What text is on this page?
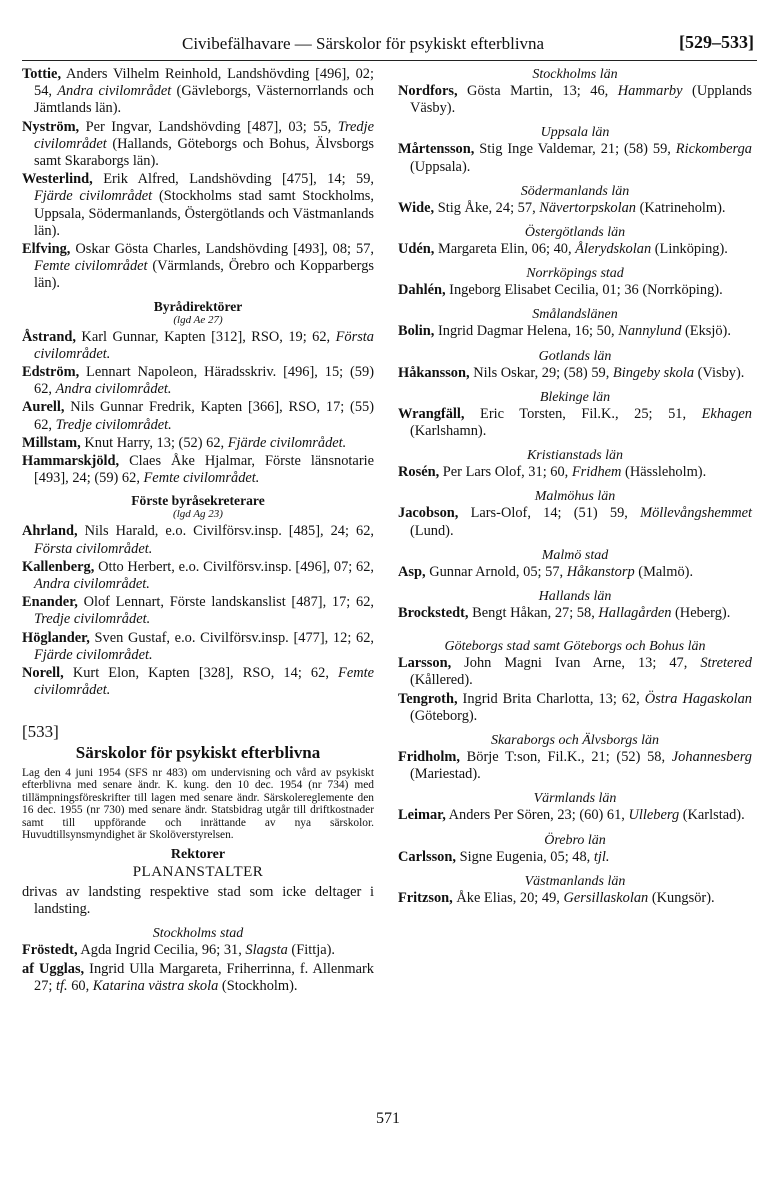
Civibefälhavare — Särskolor för psykiskt efterblivna	[529–533]
Tottie, Anders Vilhelm Reinhold, Landshövding [496], 02; 54, Andra civilområdet (Gävleborgs, Västernorrlands och Jämtlands län).
Nyström, Per Ingvar, Landshövding [487], 03; 55, Tredje civilområdet (Hallands, Göteborgs och Bohus, Älvsborgs samt Skaraborgs län).
Westerlind, Erik Alfred, Landshövding [475], 14; 59, Fjärde civilområdet (Stockholms stad samt Stockholms, Uppsala, Södermanlands, Östergötlands och Västmanlands län).
Elfving, Oskar Gösta Charles, Landshövding [493], 08; 57, Femte civilområdet (Värmlands, Örebro och Kopparbergs län).
Byrådirektörer
(lgd Ae 27)
Åstrand, Karl Gunnar, Kapten [312], RSO, 19; 62, Första civilområdet.
Edström, Lennart Napoleon, Häradsskriv. [496], 15; (59) 62, Andra civilområdet.
Aurell, Nils Gunnar Fredrik, Kapten [366], RSO, 17; (55) 62, Tredje civilområdet.
Millstam, Knut Harry, 13; (52) 62, Fjärde civilområdet.
Hammarskjöld, Claes Åke Hjalmar, Förste länsnotarie [493], 24; (59) 62, Femte civilområdet.
Förste byråsekreterare
(lgd Ag 23)
Ahrland, Nils Harald, e.o. Civilförsv.insp. [485], 24; 62, Första civilområdet.
Kallenberg, Otto Herbert, e.o. Civilförsv.insp. [496], 07; 62, Andra civilområdet.
Enander, Olof Lennart, Förste landskanslist [487], 17; 62, Tredje civilområdet.
Höglander, Sven Gustaf, e.o. Civilförsv.insp. [477], 12; 62, Fjärde civilområdet.
Norell, Kurt Elon, Kapten [328], RSO, 14; 62, Femte civilområdet.
[533]
Särskolor för psykiskt efterblivna
Lag den 4 juni 1954 (SFS nr 483) om undervisning och vård av psykiskt efterblivna med senare ändr. K. kung. den 10 dec. 1954 (nr 734) med tillämpningsföreskrifter till lagen med senare ändr. Särskolereglemente den 16 dec. 1955 (nr 730) med senare ändr. Statsbidrag utgår till driftkostnader samt till uppförande och inrättande av nya särskolor. Huvudtillsynsmyndighet är Skolöverstyrelsen.
Rektorer
PLANANSTALTER
drivas av landsting respektive stad som icke deltager i landsting.
Stockholms stad
Fröstedt, Agda Ingrid Cecilia, 96; 31, Slagsta (Fittja).
af Ugglas, Ingrid Ulla Margareta, Friherrinna, f. Allenmark 27; tf. 60, Katarina västra skola (Stockholm).
Stockholms län
Nordfors, Gösta Martin, 13; 46, Hammarby (Upplands Väsby).
Uppsala län
Mårtensson, Stig Inge Valdemar, 21; (58) 59, Rickomberga (Uppsala).
Södermanlands län
Wide, Stig Åke, 24; 57, Nävertorpskolan (Katrineholm).
Östergötlands län
Udén, Margareta Elin, 06; 40, Ålerydskolan (Linköping).
Norrköpings stad
Dahlén, Ingeborg Elisabet Cecilia, 01; 36 (Norrköping).
Smålandslänen
Bolin, Ingrid Dagmar Helena, 16; 50, Nannylund (Eksjö).
Gotlands län
Håkansson, Nils Oskar, 29; (58) 59, Bingeby skola (Visby).
Blekinge län
Wrangfäll, Eric Torsten, Fil.K., 25; 51, Ekhagen (Karlshamn).
Kristianstads län
Rosén, Per Lars Olof, 31; 60, Fridhem (Hässleholm).
Malmöhus län
Jacobson, Lars-Olof, 14; (51) 59, Möllevångshemmet (Lund).
Malmö stad
Asp, Gunnar Arnold, 05; 57, Håkanstorp (Malmö).
Hallands län
Brockstedt, Bengt Håkan, 27; 58, Hallagården (Heberg).
Göteborgs stad samt Göteborgs och Bohus län
Larsson, John Magni Ivan Arne, 13; 47, Stretered (Kållered).
Tengroth, Ingrid Brita Charlotta, 13; 62, Östra Hagaskolan (Göteborg).
Skaraborgs och Älvsborgs län
Fridholm, Börje T:son, Fil.K., 21; (52) 58, Johannesberg (Mariestad).
Värmlands län
Leimar, Anders Per Sören, 23; (60) 61, Ulleberg (Karlstad).
Örebro län
Carlsson, Signe Eugenia, 05; 48, tjl.
Västmanlands län
Fritzson, Åke Elias, 20; 49, Gersillaskolan (Kungsör).
571
